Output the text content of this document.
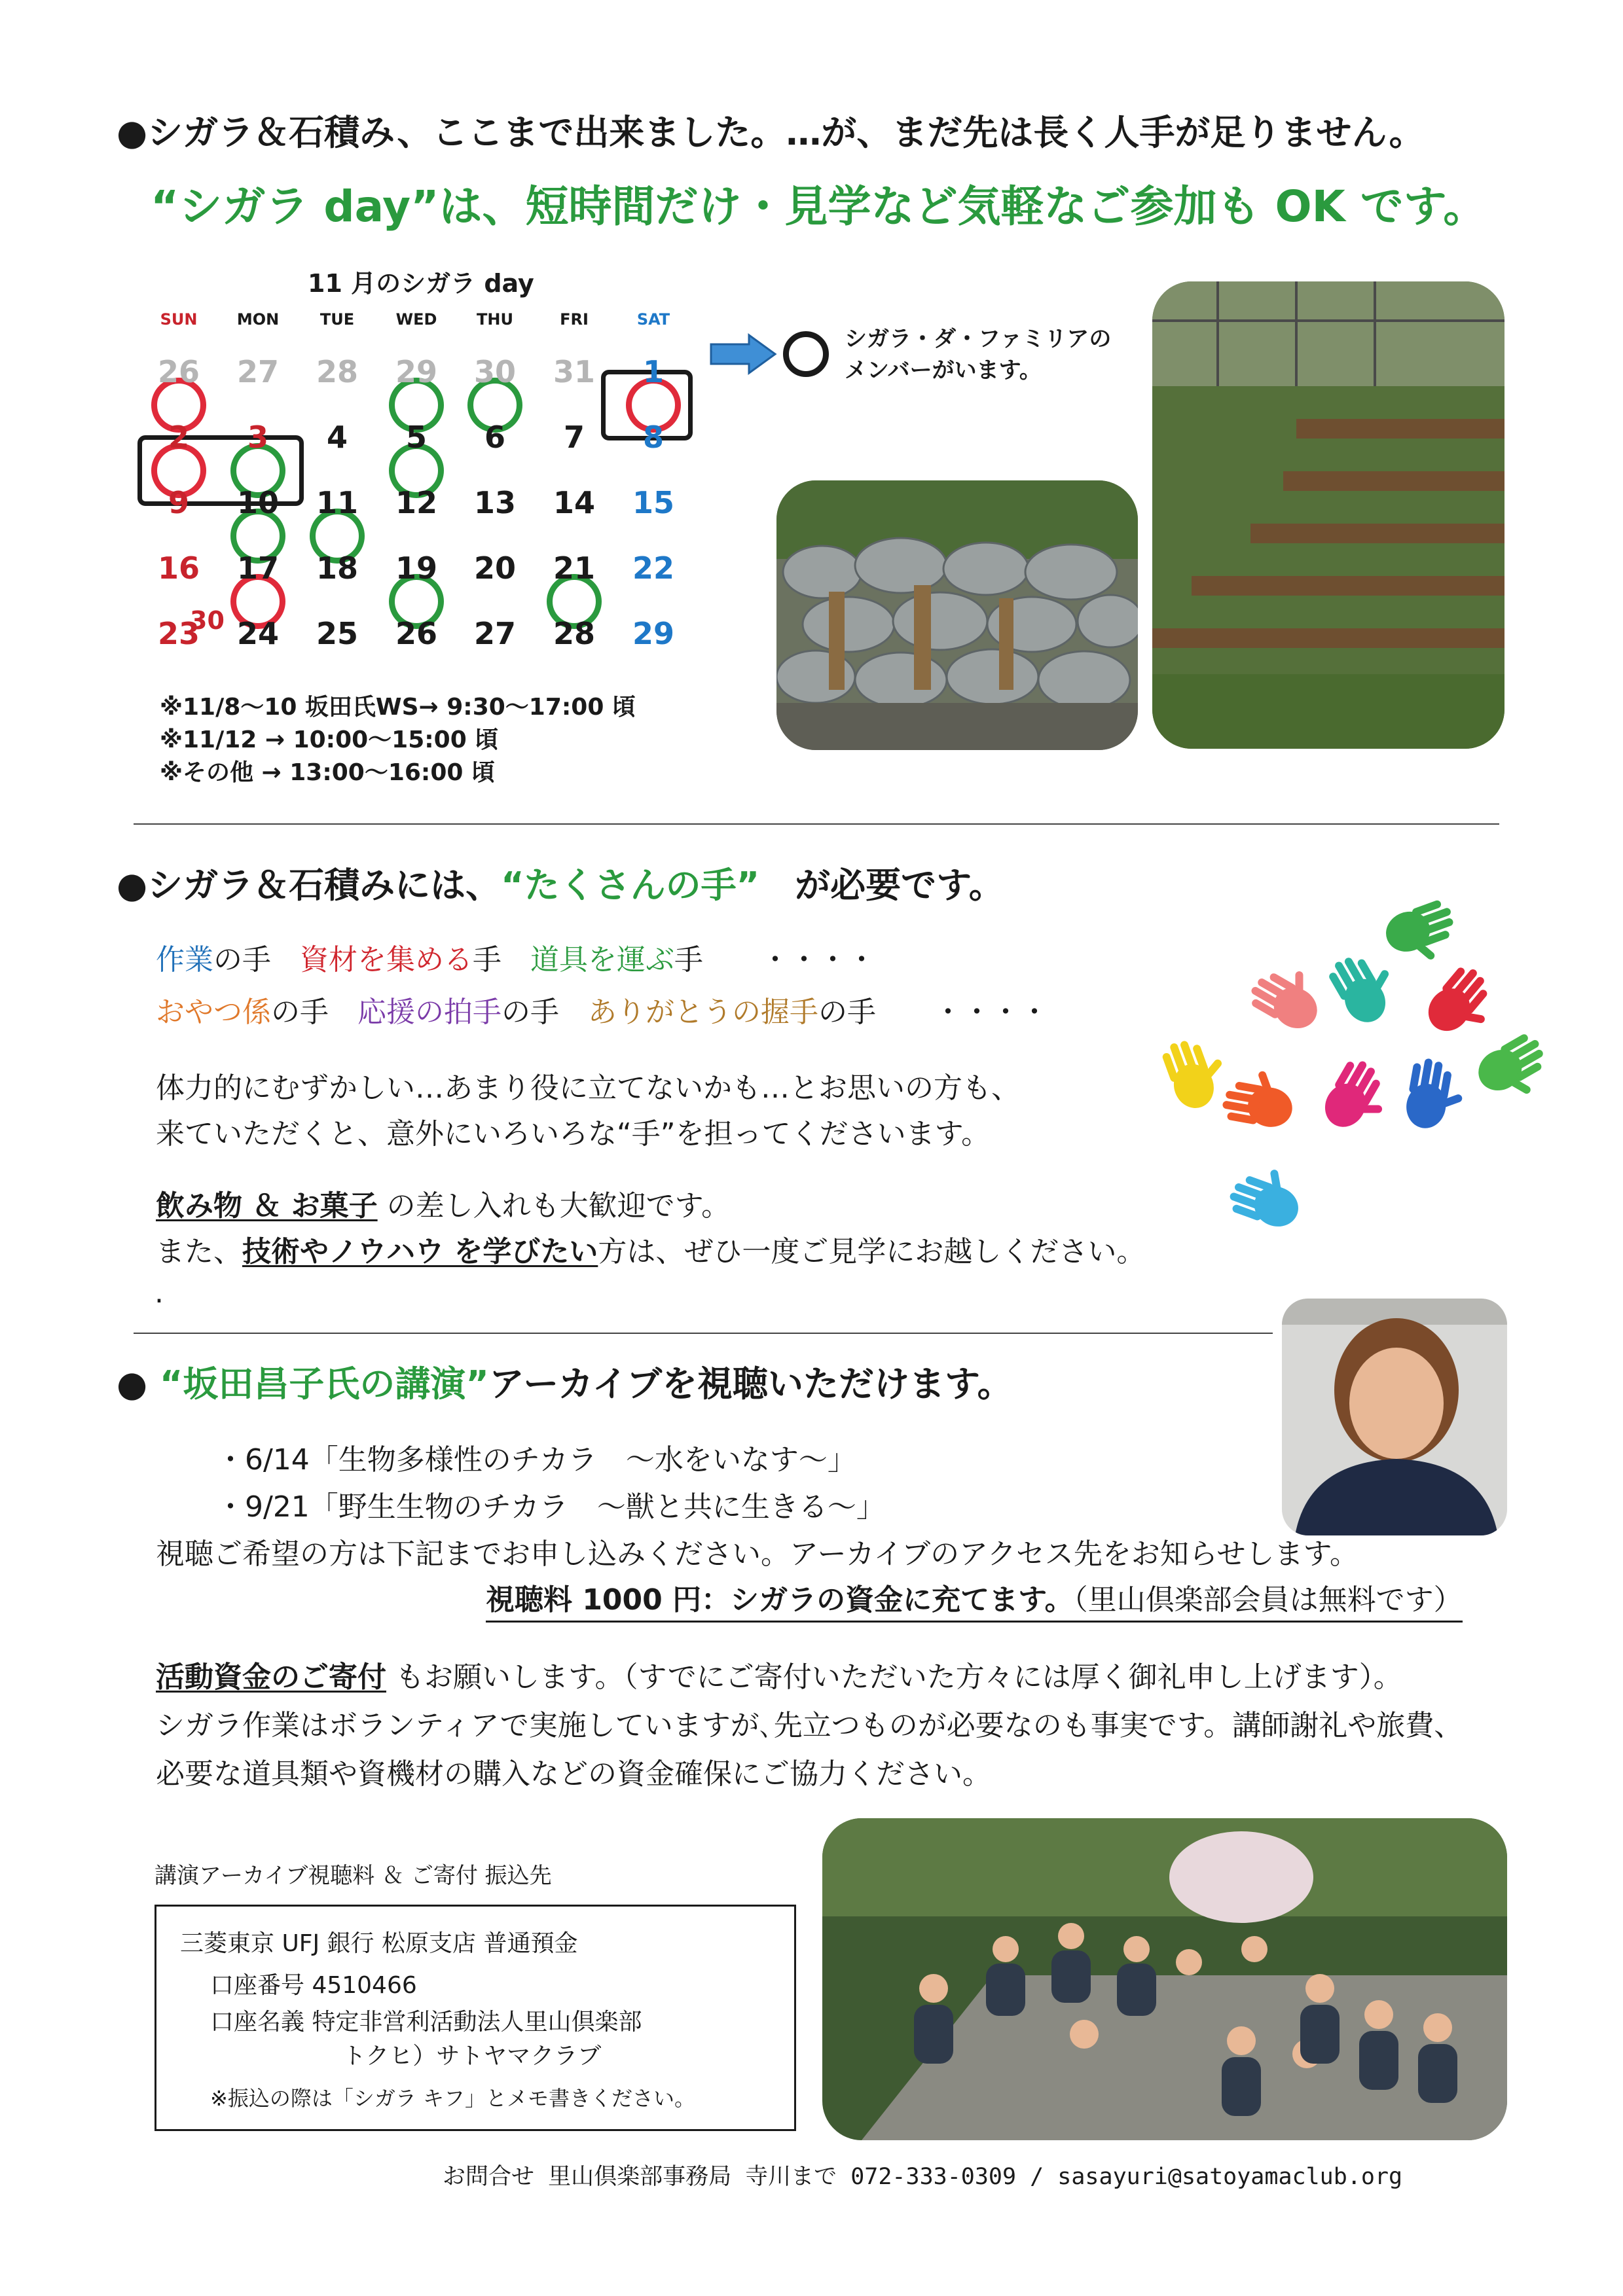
●シガラ＆石積み、ここまで出来ました。…が、まだ先は長く人手が足りません。
“シガラ day”は、短時間だけ・見学など気軽なご参加も OK です。
11 月のシガラ day
SUN	MON	TUE	WED	THU	FRI	SAT
26	27	28	29	30	31	1
2	3	4	5	6	7	8
9	10	11	12	13	14	15
16	17	18	19	20	21	22
23	24	25	26	27	28	29
30
※11/8～10 坂田氏WS→ 9:30～17:00 頃
※11/12 → 10:00～15:00 頃
※その他 → 13:00～16:00 頃
シガラ・ダ・ファミリアの
メンバーがいます。
●シガラ＆石積みには、“たくさんの手” が必要です。
作業の手　資材を集める手　道具を運ぶ手　　・・・・
おやつ係の手　応援の拍手の手　ありがとうの握手の手　　・・・・
体力的にむずかしい…あまり役に立てないかも…とお思いの方も、
来ていただくと、意外にいろいろな“手”を担ってくださいます。
飲み物 ＆ お菓子 の差し入れも大歓迎です。
また、技術やノウハウ を学びたい方は、ぜひ一度ご見学にお越しください。
.
● “坂田昌子氏の講演”アーカイブを視聴いただけます。
・6/14「生物多様性のチカラ　～水をいなす～」
・9/21「野生生物のチカラ　～獣と共に生きる～」
視聴ご希望の方は下記までお申し込みください。アーカイブのアクセス先をお知らせします。
視聴料 1000 円：シガラの資金に充てます。（里山倶楽部会員は無料です）
活動資金のご寄付 もお願いします。（すでにご寄付いただいた方々には厚く御礼申し上げます）。
シガラ作業はボランティアで実施していますが､先立つものが必要なのも事実です。講師謝礼や旅費、
必要な道具類や資機材の購入などの資金確保にご協力ください。
講演アーカイブ視聴料 ＆ ご寄付 振込先
三菱東京 UFJ 銀行 松原支店 普通預金
口座番号 4510466
口座名義 特定非営利活動法人里山倶楽部
トクヒ）サトヤマクラブ
※振込の際は「シガラ キフ」とメモ書きください。
お問合せ 里山倶楽部事務局 寺川まで 072-333-0309 / sasayuri@satoyamaclub.org
